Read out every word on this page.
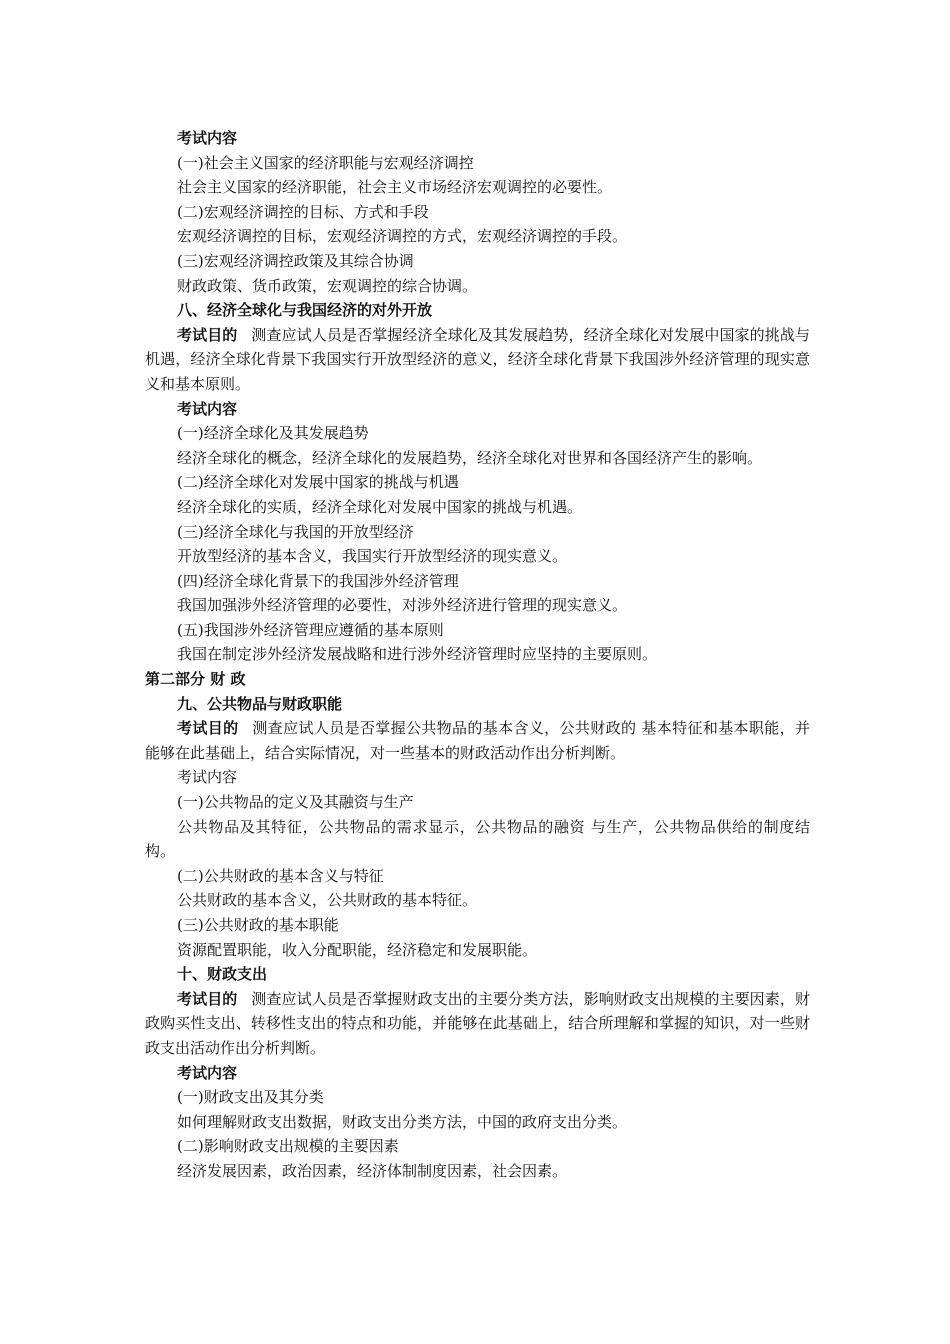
考试内容

(一)社会主义国家的经济职能与宏观经济调控

社会主义国家的经济职能，社会主义市场经济宏观调控的必要性。

(二)宏观经济调控的目标、方式和手段

宏观经济调控的目标，宏观经济调控的方式，宏观经济调控的手段。

(三)宏观经济调控政策及其综合协调

财政政策、货币政策，宏观调控的综合协调。

八、经济全球化与我国经济的对外开放

考试目的 测查应试人员是否掌握经济全球化及其发展趋势，经济全球化对发展中国家的挑战与机遇，经济全球化背景下我国实行开放型经济的意义，经济全球化背景下我国涉外经济管理的现实意义和基本原则。

考试内容

(一)经济全球化及其发展趋势

经济全球化的概念，经济全球化的发展趋势，经济全球化对世界和各国经济产生的影响。

(二)经济全球化对发展中国家的挑战与机遇

经济全球化的实质，经济全球化对发展中国家的挑战与机遇。

(三)经济全球化与我国的开放型经济

开放型经济的基本含义，我国实行开放型经济的现实意义。

(四)经济全球化背景下的我国涉外经济管理

我国加强涉外经济管理的必要性，对涉外经济进行管理的现实意义。

(五)我国涉外经济管理应遵循的基本原则

我国在制定涉外经济发展战略和进行涉外经济管理时应坚持的主要原则。

第二部分 财 政

九、公共物品与财政职能

考试目的 测查应试人员是否掌握公共物品的基本含义，公共财政的 基本特征和基本职能，并能够在此基础上，结合实际情况，对一些基本的财政活动作出分析判断。

考试内容

(一)公共物品的定义及其融资与生产

公共物品及其特征，公共物品的需求显示，公共物品的融资 与生产，公共物品供给的制度结构。

(二)公共财政的基本含义与特征

公共财政的基本含义，公共财政的基本特征。

(三)公共财政的基本职能

资源配置职能，收入分配职能，经济稳定和发展职能。

十、财政支出

考试目的 测查应试人员是否掌握财政支出的主要分类方法，影响财政支出规模的主要因素，财政购买性支出、转移性支出的特点和功能，并能够在此基础上，结合所理解和掌握的知识，对一些财政支出活动作出分析判断。

考试内容

(一)财政支出及其分类

如何理解财政支出数据，财政支出分类方法，中国的政府支出分类。

(二)影响财政支出规模的主要因素

经济发展因素，政治因素，经济体制制度因素，社会因素。
